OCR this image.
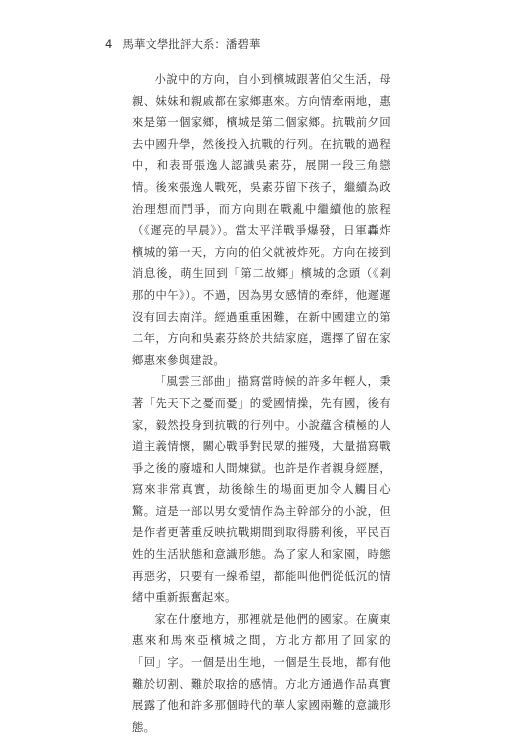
4 馬華文學批評大系：潘碧華

小說中的方向，自小到檳城跟著伯父生活，母親、妹妹和親戚都在家鄉惠來。方向情牽兩地，惠來是第一個家鄉，檳城是第二個家鄉。抗戰前夕回去中國升學，然後投入抗戰的行列。在抗戰的過程中，和表哥張逸人認識吳素芬，展開一段三角戀情。後來張逸人戰死，吳素芬留下孩子，繼續為政治理想而鬥爭，而方向則在戰亂中繼續他的旅程（《遲亮的早晨》）。當太平洋戰爭爆發，日軍轟炸檳城的第一天，方向的伯父就被炸死。方向在接到消息後，萌生回到「第二故鄉」檳城的念頭（《剎那的中午》）。不過，因為男女感情的牽絆，他遲遲沒有回去南洋。經過重重困難，在新中國建立的第二年，方向和吳素芬終於共結家庭，選擇了留在家鄉惠來參與建設。

「風雲三部曲」描寫當時候的許多年輕人，秉著「先天下之憂而憂」的愛國情操，先有國，後有家，毅然投身到抗戰的行列中。小說蘊含積極的人道主義情懷，關心戰爭對民眾的摧殘，大量描寫戰爭之後的廢墟和人間煉獄。也許是作者親身經歷，寫來非常真實，劫後餘生的場面更加令人觸目心驚。這是一部以男女愛情作為主幹部分的小說，但是作者更著重反映抗戰期間到取得勝利後，平民百姓的生活狀態和意識形態。為了家人和家園，時態再惡劣，只要有一線希望，都能叫他們從低沉的情緒中重新振奮起來。

家在什麼地方，那裡就是他們的國家。在廣東惠來和馬來亞檳城之間，方北方都用了回家的「回」字。一個是出生地，一個是生長地，都有他難於切割、難於取捨的感情。方北方通過作品真實展露了他和許多那個時代的華人家國兩難的意識形態。
